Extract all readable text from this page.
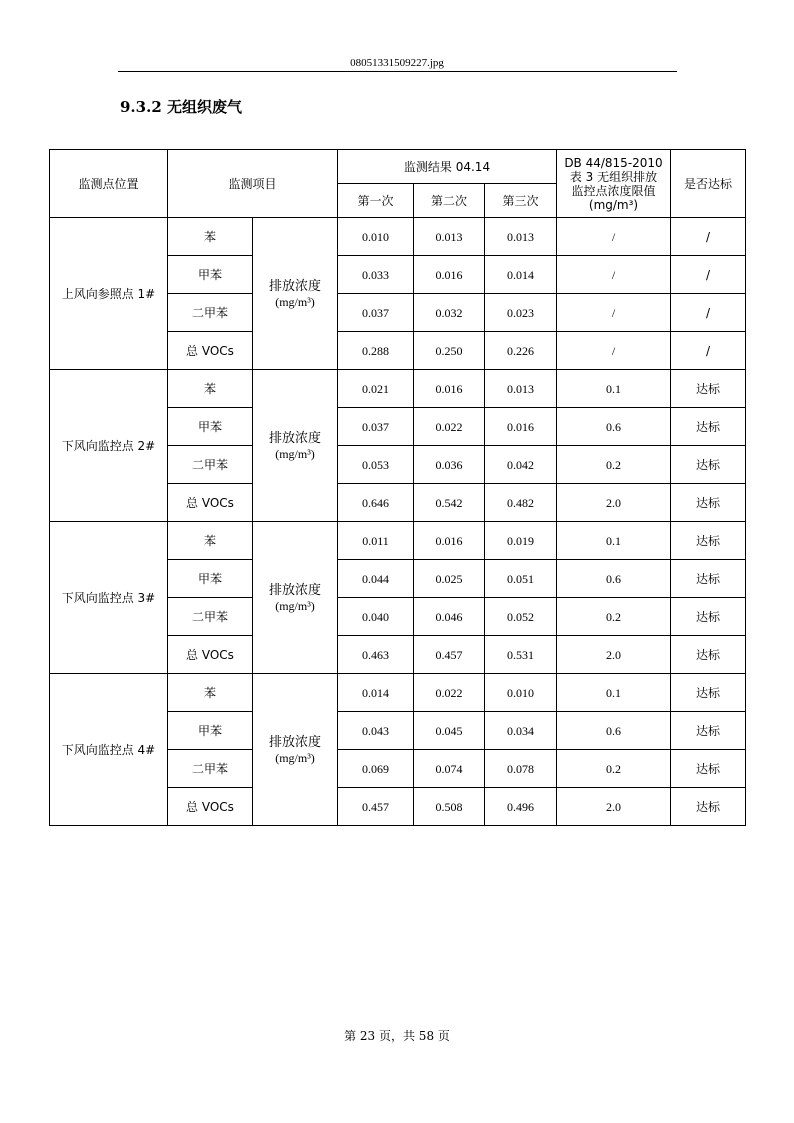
08051331509227.jpg
9.3.2 无组织废气
监测点位置	监测项目		监测结果 04.14			DB 44/815-2010
表 3 无组织排放
监控点浓度限值
(mg/m³)	是否达标
			第一次	第二次	第三次		
上风向参照点 1#	苯	排放浓度
(mg/m³)	0.010	0.013	0.013	/	/
	甲苯		0.033	0.016	0.014	/	/
	二甲苯		0.037	0.032	0.023	/	/
	总 VOCs		0.288	0.250	0.226	/	/
下风向监控点 2#	苯	排放浓度
(mg/m³)	0.021	0.016	0.013	0.1	达标
	甲苯		0.037	0.022	0.016	0.6	达标
	二甲苯		0.053	0.036	0.042	0.2	达标
	总 VOCs		0.646	0.542	0.482	2.0	达标
下风向监控点 3#	苯	排放浓度
(mg/m³)	0.011	0.016	0.019	0.1	达标
	甲苯		0.044	0.025	0.051	0.6	达标
	二甲苯		0.040	0.046	0.052	0.2	达标
	总 VOCs		0.463	0.457	0.531	2.0	达标
下风向监控点 4#	苯	排放浓度
(mg/m³)	0.014	0.022	0.010	0.1	达标
	甲苯		0.043	0.045	0.034	0.6	达标
	二甲苯		0.069	0.074	0.078	0.2	达标
	总 VOCs		0.457	0.508	0.496	2.0	达标
第 23 页，共 58 页
